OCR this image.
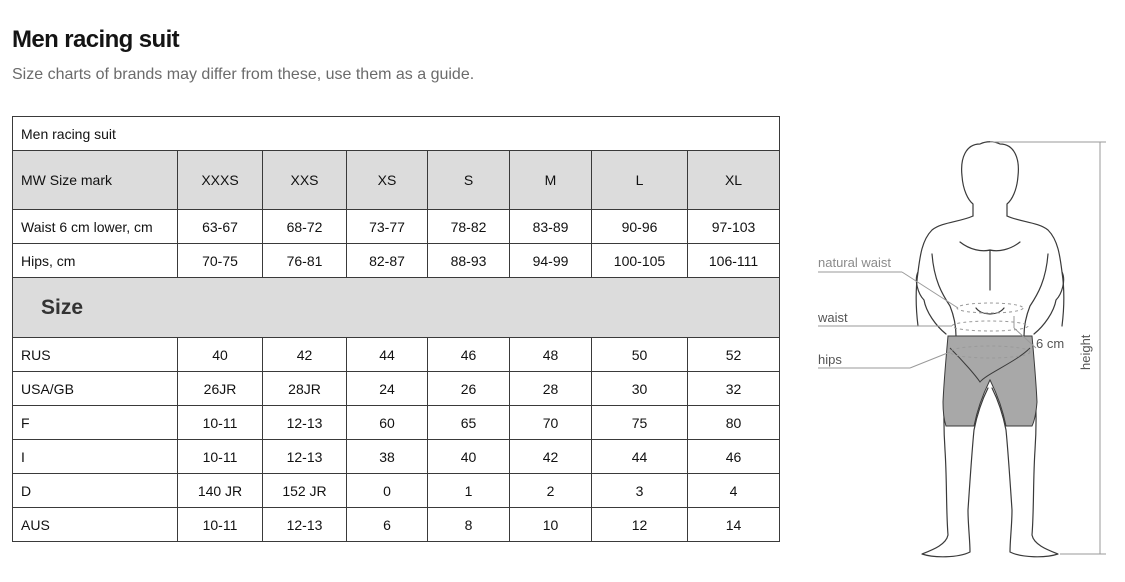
Men racing suit
Size charts of brands may differ from these, use them as a guide.
Men racing suit							
MW Size mark	XXXS	XXS	XS	S	M	L	XL
Waist 6 cm lower, cm	63-67	68-72	73-77	78-82	83-89	90-96	97-103
Hips, cm	70-75	76-81	82-87	88-93	94-99	100-105	106-111
Size							
RUS	40	42	44	46	48	50	52
USA/GB	26JR	28JR	24	26	28	30	32
F	10-11	12-13	60	65	70	75	80
I	10-11	12-13	38	40	42	44	46
D	140 JR	152 JR	0	1	2	3	4
AUS	10-11	12-13	6	8	10	12	14
natural waist
waist
hips
6 cm height
